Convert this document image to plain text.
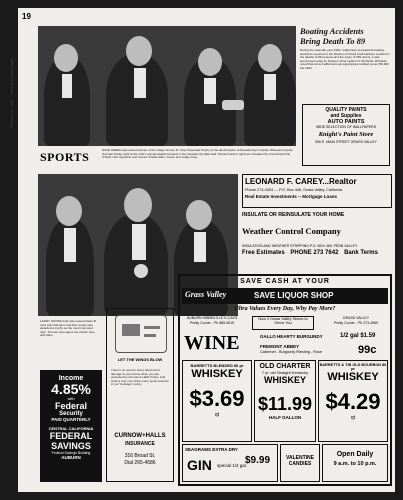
19
February 11, 1965 ... Nevada County Nugget ...
Boating Accidents
Bring Death To 89
During the calendar year 1964, California's recreational boating accidents reported to the Division of Small Craft Harbors resulted in the deaths of 89 persons and the injury of 359 others, it was announced today by Division Chief Lawton R. Richards. Richards noted that since California boat registrations totalled some 363,000 the 1964
QUALITY PAINTS
and Supplies
AUTO PAINTS
WIDE SELECTION OF WALLPAPERS
Knight's Paint Store
906 E. MAIN STREET GRASS VALLEY
SPORTS	DAVE GREEN was named winner of the Judge Vernon R. Gray Perpetual Trophy at the all-champion of Nevada City's Golden Wheelers bicycle club last Friday night at the club's annual awards banquet in the Nevada City Elks Hall. Pictured (left to right) are Nevada City Councilman Pat O'Neill, club organizer and mentor Charlie Allen, Green and Judge Gray.
LEONARD F. CAREY...Realtor
Phone 273-4304 --- P.O. Box 446, Grass Valley, California
Real Estate Investments -- Mortgage Loans
INSULATE OR REINSULATE YOUR HOME
Weather Control Company
INSULATION AND WEATHER STRIPPING P.O. BOX 465, PENN VALLEY
Free Estimates PHONE 273 7642 Bank Terms
LARRY HOOSE (left) was named Class B trout trial champion and Dan Jones was awarded a trophy as the most improved rider. The two teen-agers are shown here with Allen.
Income
4.85%
with
Federal
Security
PAID QUARTERLY
CENTRAL CALIFORNIA
FEDERAL
SAVINGS
Federal Savings Building
AUBURN
LET THE WINDS BLOW
There's no need to worry about wind damage to your home when you are protected by Curnow & Halls' Policy. And wind is only one of the many perils covered in our "package" policy.
CURNOW+HALLS
INSURANCE
316 Broad St.
Dial 265-4586
SAVE CASH AT YOUR
Grass Valley	SAVE LIQUOR SHOP
Ultra Values Every Day, Why Pay More?
AUBURN HIBBEA ILLE E-CAVS
Pretty Corner - Ph 885-0815
Now 3 Grass Valley Stores to Serve You
GRASS VALLEY
Pretty Corner - Ph 273-4969
WINE	GALLO HEARTY BURGUNDY	1/2 gal $1.59
FREMONT ABBEY
Cabernet - Burgundy Riesling - Rose	99c
BARRETTS BLENDED 86 pr
WHISKEY
$3.69
qt
OLD CHARTER
7 yr. old Straight Kentucky
WHISKEY
$11.99
HALF GALLON
BARRETTS & T/B OLD BOURBON 86 pr
WHISKEY
$4.29
qt
SEAGRAMS EXTRA DRY
GIN special 1/2 gal.
$9.99	VALENTINE CANDIES
Open Daily
9 a.m. to 10 p.m.
